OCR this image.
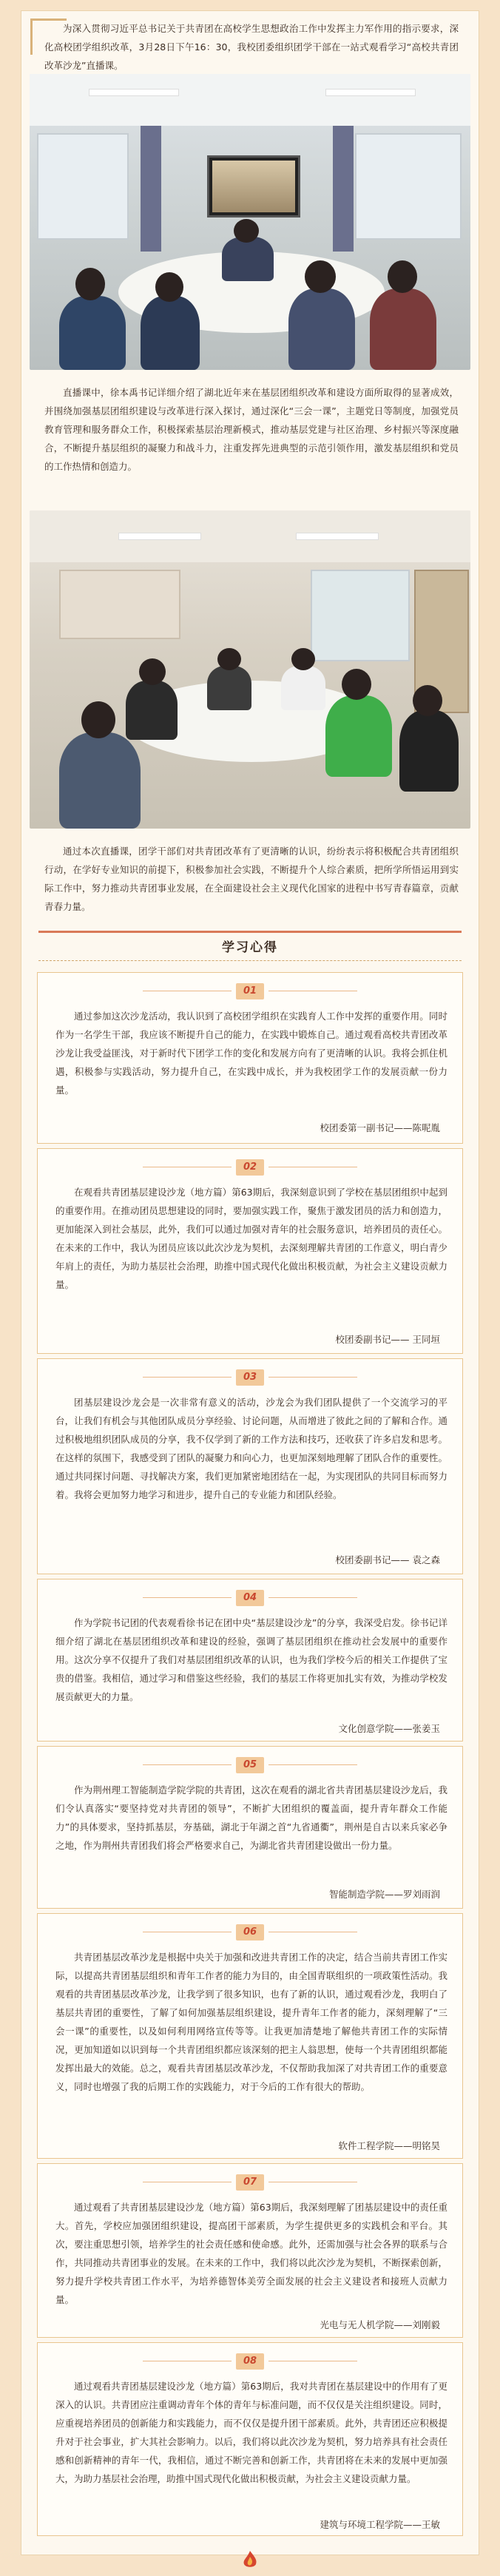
为深入贯彻习近平总书记关于共青团在高校学生思想政治工作中发挥主力军作用的指示要求，深化高校团学组织改革，3月28日下午16：30，我校团委组织团学干部在一站式观看学习“高校共青团改革沙龙”直播课。
直播课中，徐本禹书记详细介绍了湖北近年来在基层团组织改革和建设方面所取得的显著成效，并围绕加强基层团组织建设与改革进行深入探讨，通过深化“三会一课”，主题党日等制度，加强党员教育管理和服务群众工作，积极探索基层治理新模式，推动基层党建与社区治理、乡村振兴等深度融合，不断提升基层组织的凝聚力和战斗力，注重发挥先进典型的示范引领作用，激发基层组织和党员的工作热情和创造力。
通过本次直播课，团学干部们对共青团改革有了更清晰的认识，纷纷表示将积极配合共青团组织行动，在学好专业知识的前提下，积极参加社会实践，不断提升个人综合素质，把所学所悟运用到实际工作中，努力推动共青团事业发展，在全面建设社会主义现代化国家的进程中书写青春篇章，贡献青春力量。
学习心得
01
通过参加这次沙龙活动，我认识到了高校团学组织在实践育人工作中发挥的重要作用。同时作为一名学生干部，我应该不断提升自己的能力，在实践中锻炼自己。通过观看高校共青团改革沙龙让我受益匪浅，对于新时代下团学工作的变化和发展方向有了更清晰的认识。我将会抓住机遇，积极参与实践活动，努力提升自己，在实践中成长，并为我校团学工作的发展贡献一份力量。
校团委第一副书记——陈呢胤
02
在观看共青团基层建设沙龙（地方篇）第63期后，我深刻意识到了学校在基层团组织中起到的重要作用。在推动团员思想建设的同时，要加强实践工作，聚焦于激发团员的活力和创造力，更加能深入到社会基层，此外，我们可以通过加强对青年的社会服务意识，培养团员的责任心。在未来的工作中，我认为团员应该以此次沙龙为契机，去深刻理解共青团的工作意义，明白青少年肩上的责任，为助力基层社会治理，助推中国式现代化做出积极贡献，为社会主义建设贡献力量。
校团委副书记—— 王同垣
03
团基层建设沙龙会是一次非常有意义的活动，沙龙会为我们团队提供了一个交流学习的平台，让我们有机会与其他团队成员分享经验、讨论问题，从而增进了彼此之间的了解和合作。通过积极地组织团队成员的分享，我不仅学到了新的工作方法和技巧，还收获了许多启发和思考。在这样的氛围下，我感受到了团队的凝聚力和向心力，也更加深刻地理解了团队合作的重要性。通过共同探讨问题、寻找解决方案，我们更加紧密地团结在一起，为实现团队的共同目标而努力着。我将会更加努力地学习和进步，提升自己的专业能力和团队经验。
校团委副书记—— 袁之森
04
作为学院书记团的代表观看徐书记在团中央“基层建设沙龙”的分享，我深受启发。徐书记详细介绍了湖北在基层团组织改革和建设的经验，强调了基层团组织在推动社会发展中的重要作用。这次分享不仅提升了我们对基层团组织改革的认识，也为我们学校今后的相关工作提供了宝贵的借鉴。我相信，通过学习和借鉴这些经验，我们的基层工作将更加扎实有效，为推动学校发展贡献更大的力量。
文化创意学院——张姜玉
05
作为荆州理工智能制造学院学院的共青团，这次在观看的湖北省共青团基层建设沙龙后，我们令认真落实“要坚持党对共青团的领导”，不断扩大团组织的覆盖面，提升青年群众工作能力”的具体要求，坚持抓基层，夯基础，湖北于年湖之首“九省通衢”，荆州是自古以来兵家必争之地，作为荆州共青团我们将会严格要求自己，为湖北省共青团建设做出一份力量。
智能制造学院——罗刘雨润
06
共青团基层改革沙龙是根据中央关于加强和改进共青团工作的决定，结合当前共青团工作实际，以提高共青团基层组织和青年工作者的能力为目的，由全国青联组织的一项政策性活动。我观看的共青团基层改革沙龙，让我学到了很多知识，也有了新的认识，通过观看沙龙，我明白了基层共青团的重要性，了解了如何加强基层组织建设，提升青年工作者的能力，深刻理解了“三会一课”的重要性，以及如何利用网络宣传等等。让我更加清楚地了解他共青团工作的实际情况，更加知道如以识到每一个共青团组织都应该深刻的把主人翁思想，使每一个共青团组织都能发挥出最大的效能。总之，观看共青团基层改革沙龙，不仅帮助我加深了对共青团工作的重要意义，同时也增强了我的后期工作的实践能力，对于今后的工作有很大的帮助。
软件工程学院——明铭昊
07
通过观看了共青团基层建设沙龙（地方篇）第63期后，我深刻理解了团基层建设中的责任重大。首先，学校应加强团组织建设，提高团干部素质，为学生提供更多的实践机会和平台。其次，要注重思想引领，培养学生的社会责任感和使命感。此外，还需加强与社会各界的联系与合作，共同推动共青团事业的发展。在未来的工作中，我们将以此次沙龙为契机，不断探索创新，努力提升学校共青团工作水平，为培养德智体美劳全面发展的社会主义建设者和接班人贡献力量。
光电与无人机学院——刘刚毅
08
通过观看共青团基层建设沙龙（地方篇）第63期后，我对共青团在基层建设中的作用有了更深入的认识。共青团应注重调动青年个体的青年与标准问题，而不仅仅是关注组织建设。同时，应重视培养团员的创新能力和实践能力，而不仅仅是提升团干部素质。此外，共青团还应积极提升对于社会事业，扩大其社会影响力。以后，我们将以此次沙龙为契机，努力培养具有社会责任感和创新精神的青年一代，我相信，通过不断完善和创新工作，共青团将在未来的发展中更加强大，为助力基层社会治理，助推中国式现代化做出积极贡献，为社会主义建设贡献力量。
建筑与环境工程学院——王敏
